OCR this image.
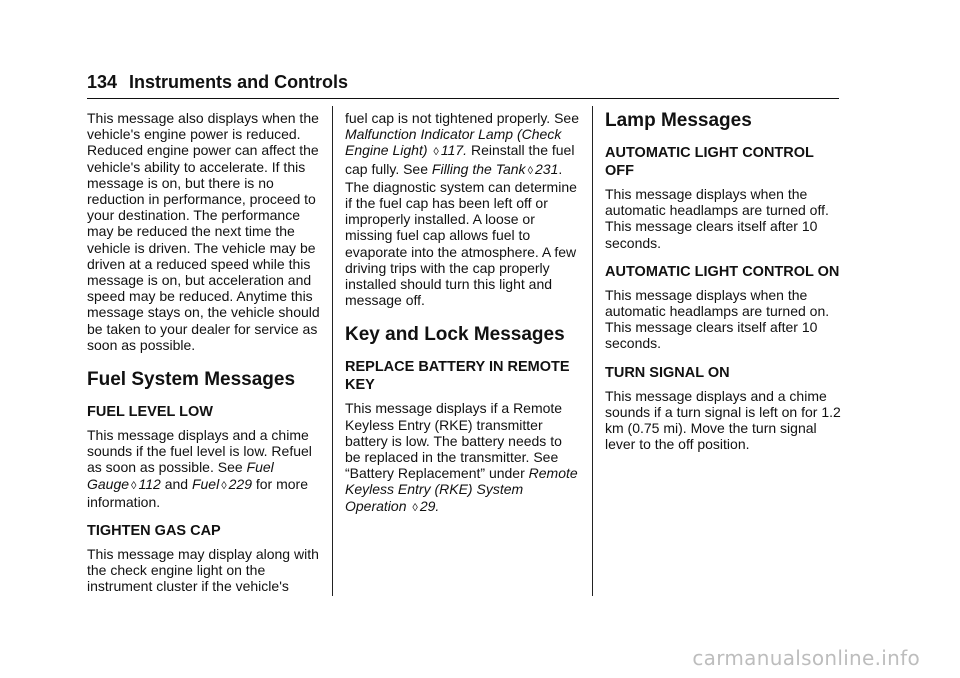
134 Instruments and Controls

This message also displays when the vehicle's engine power is reduced. Reduced engine power can affect the vehicle's ability to accelerate. If this message is on, but there is no reduction in performance, proceed to your destination. The performance may be reduced the next time the vehicle is driven. The vehicle may be driven at a reduced speed while this message is on, but acceleration and speed may be reduced. Anytime this message stays on, the vehicle should be taken to your dealer for service as soon as possible.

Fuel System Messages
FUEL LEVEL LOW

This message displays and a chime sounds if the fuel level is low. Refuel as soon as possible. See Fuel Gauge ◊ 112 and Fuel ◊ 229 for more information.

TIGHTEN GAS CAP

This message may display along with the check engine light on the instrument cluster if the vehicle's

fuel cap is not tightened properly. See Malfunction Indicator Lamp (Check Engine Light) ◊ 117. Reinstall the fuel cap fully. See Filling the Tank ◊ 231. The diagnostic system can determine if the fuel cap has been left off or improperly installed. A loose or missing fuel cap allows fuel to evaporate into the atmosphere. A few driving trips with the cap properly installed should turn this light and message off.

Key and Lock Messages
REPLACE BATTERY IN REMOTE KEY

This message displays if a Remote Keyless Entry (RKE) transmitter battery is low. The battery needs to be replaced in the transmitter. See “Battery Replacement” under Remote Keyless Entry (RKE) System Operation ◊ 29.

Lamp Messages
AUTOMATIC LIGHT CONTROL OFF

This message displays when the automatic headlamps are turned off. This message clears itself after 10 seconds.

AUTOMATIC LIGHT CONTROL ON

This message displays when the automatic headlamps are turned on. This message clears itself after 10 seconds.

TURN SIGNAL ON

This message displays and a chime sounds if a turn signal is left on for 1.2 km (0.75 mi). Move the turn signal lever to the off position.

carmanualsonline.info
